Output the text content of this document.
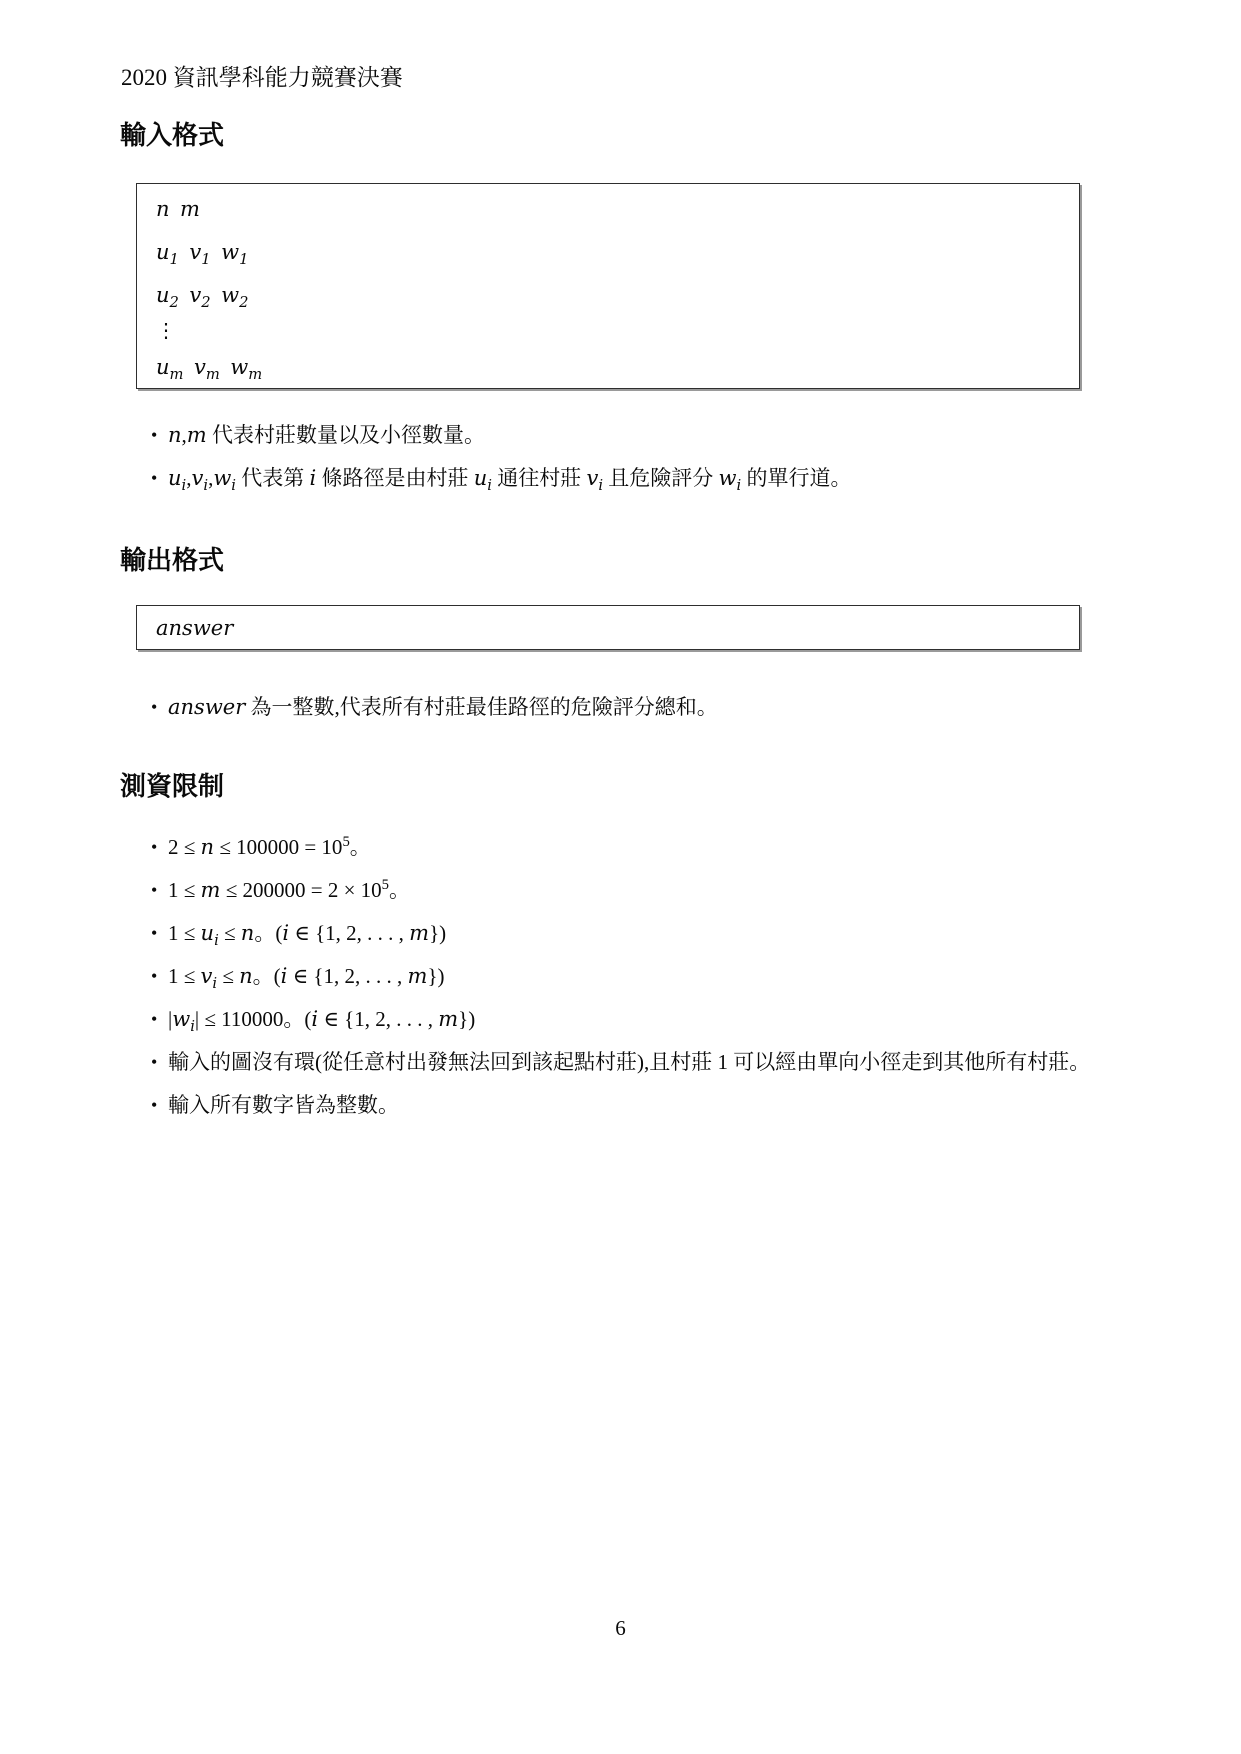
2020 資訊學科能力競賽決賽
輸入格式
n m
$u_1$ $v_1$ $w_1$
$u_2$ $v_2$ $w_2$
⋮
$u_m$ $v_m$ $w_m$
• n,m 代表村莊數量以及小徑數量。
• $u_i,v_i,w_i$ 代表第 i 條路徑是由村莊 $u_i$ 通往村莊 $v_i$ 且危險評分 $w_i$ 的單行道。
輸出格式
answer
• answer 為一整數,代表所有村莊最佳路徑的危險評分總和。
測資限制
• $2 \le n \le 100000 = 10^5$。
• $1 \le m \le 200000 = 2 \times 10^5$。
• $1 \le u_i \le n$。(i ∈ {1, 2, . . . , m})
• $1 \le v_i \le n$。(i ∈ {1, 2, . . . , m})
• $|w_i| \le 110000$。(i ∈ {1, 2, . . . , m})
• 輸入的圖沒有環(從任意村出發無法回到該起點村莊),且村莊 1 可以經由單向小徑走到其他所有村莊。
• 輸入所有數字皆為整數。
6
